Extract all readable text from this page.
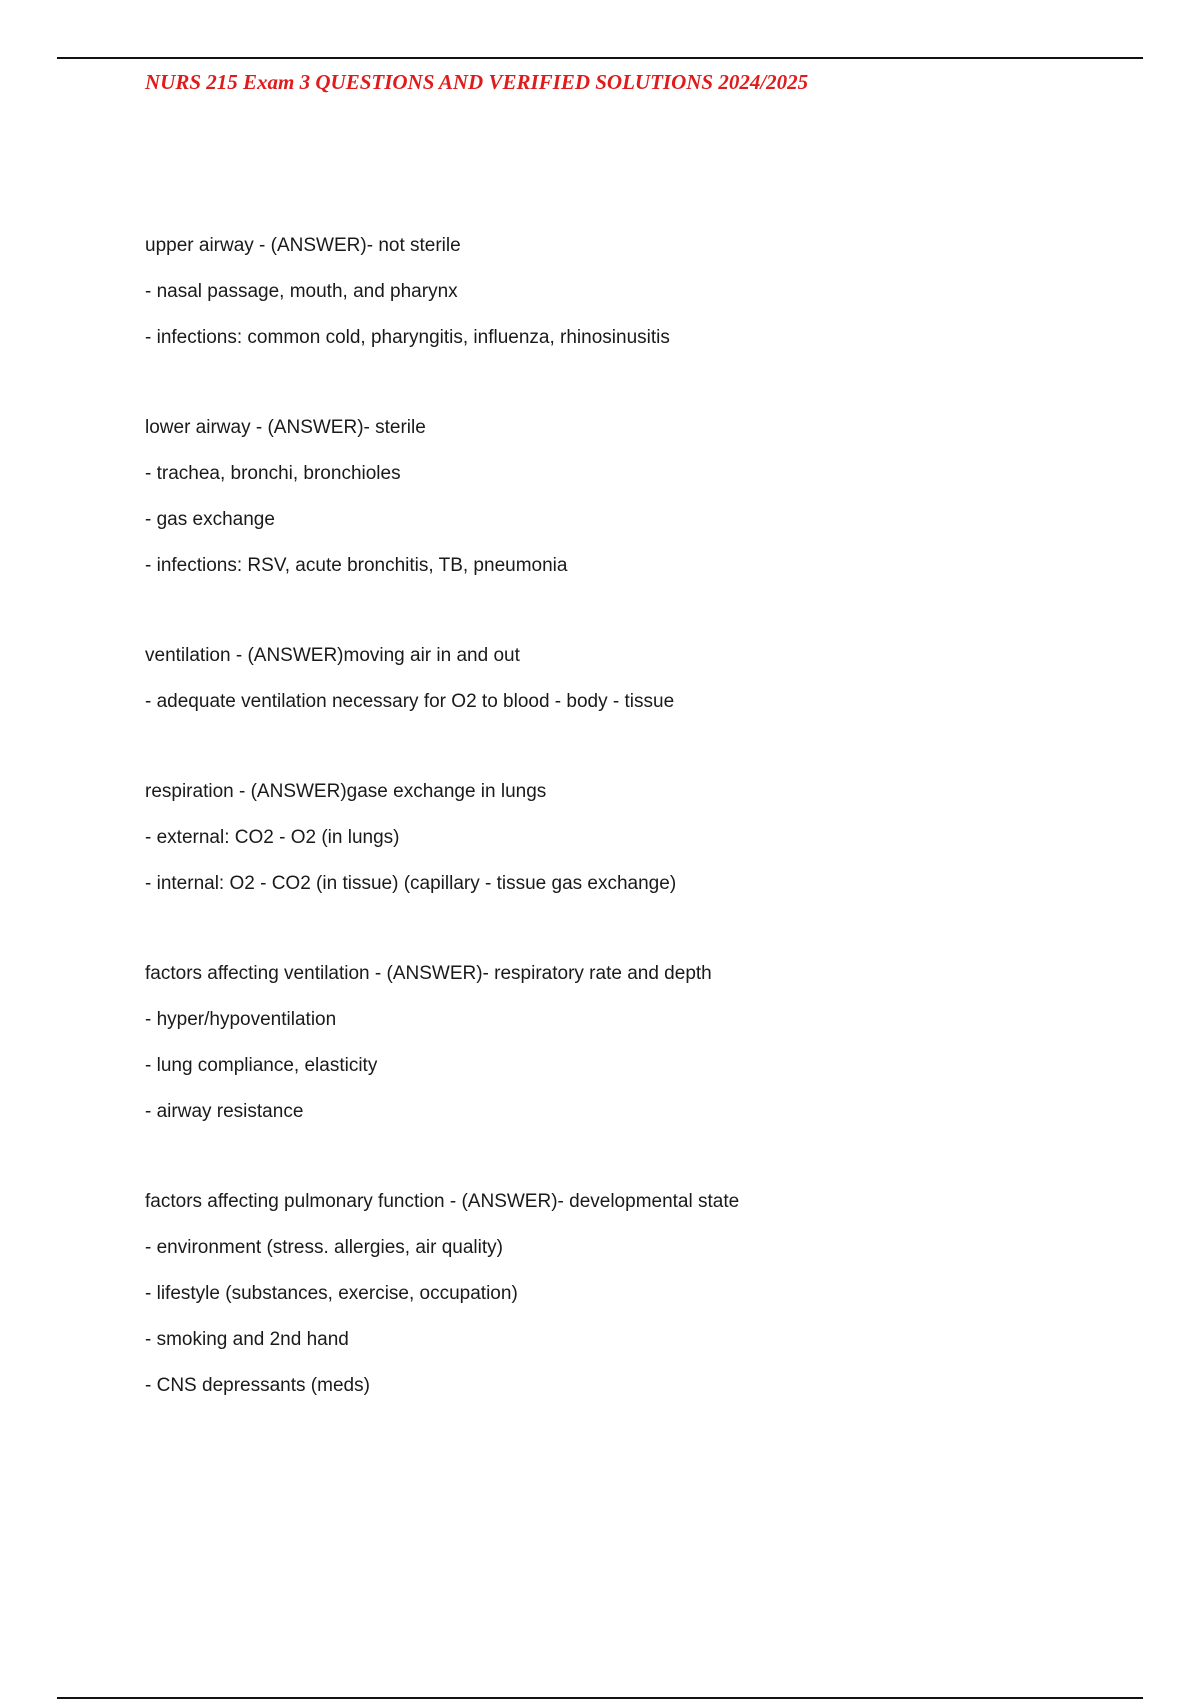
NURS 215 Exam 3 QUESTIONS AND VERIFIED SOLUTIONS 2024/2025

upper airway - (ANSWER)- not sterile

- nasal passage, mouth, and pharynx

- infections: common cold, pharyngitis, influenza, rhinosinusitis

lower airway - (ANSWER)- sterile

- trachea, bronchi, bronchioles

- gas exchange

- infections: RSV, acute bronchitis, TB, pneumonia

ventilation - (ANSWER)moving air in and out

- adequate ventilation necessary for O2 to blood - body - tissue

respiration - (ANSWER)gase exchange in lungs

- external: CO2 - O2 (in lungs)

- internal: O2 - CO2 (in tissue) (capillary - tissue gas exchange)

factors affecting ventilation - (ANSWER)- respiratory rate and depth

- hyper/hypoventilation

- lung compliance, elasticity

- airway resistance

factors affecting pulmonary function - (ANSWER)- developmental state

- environment (stress. allergies, air quality)

- lifestyle (substances, exercise, occupation)

- smoking and 2nd hand

- CNS depressants (meds)
